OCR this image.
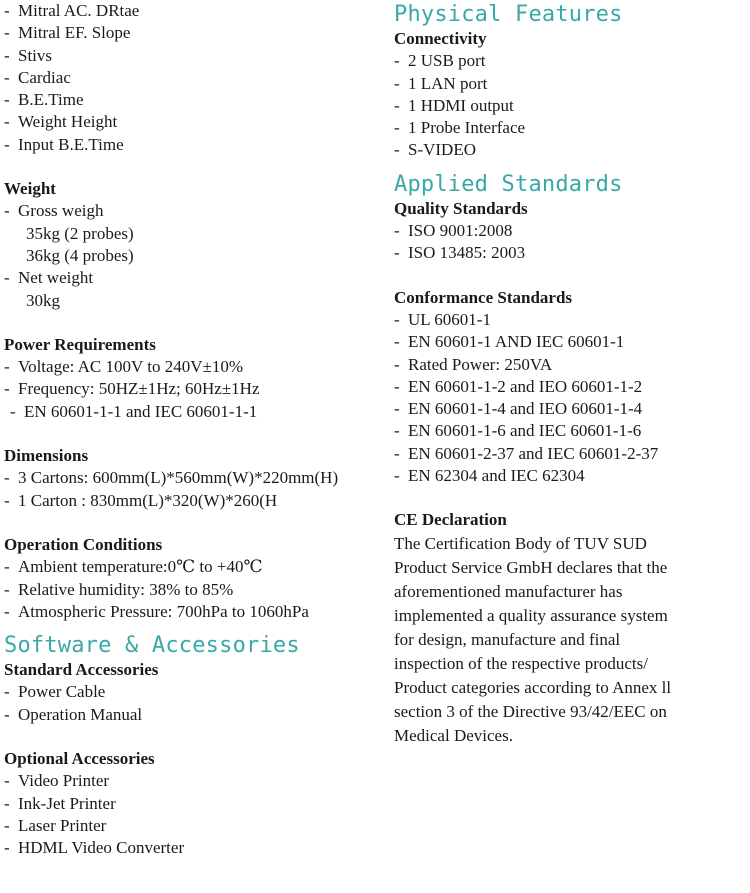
- Mitral AC. DRtae
- Mitral EF. Slope
- Stivs
- Cardiac
- B.E.Time
- Weight Height
- Input B.E.Time
Weight
- Gross weigh
35kg (2 probes)
36kg (4 probes)
- Net weight
30kg
Power Requirements
- Voltage: AC 100V to 240V±10%
- Frequency: 50HZ±1Hz; 60Hz±1Hz
- EN 60601-1-1 and IEC 60601-1-1
Dimensions
- 3 Cartons: 600mm(L)*560mm(W)*220mm(H)
- 1 Carton : 830mm(L)*320(W)*260(H
Operation Conditions
- Ambient temperature:0℃ to +40℃
- Relative humidity: 38% to 85%
- Atmospheric Pressure: 700hPa to 1060hPa
Software & Accessories
Standard Accessories
- Power Cable
- Operation Manual
Optional Accessories
- Video Printer
- Ink-Jet Printer
- Laser Printer
- HDML Video Converter
Physical Features
Connectivity
- 2 USB port
- 1 LAN port
- 1 HDMI output
- 1 Probe Interface
- S-VIDEO
Applied Standards
Quality Standards
- ISO 9001:2008
- ISO 13485: 2003
Conformance Standards
- UL 60601-1
- EN 60601-1 AND IEC 60601-1
- Rated Power: 250VA
- EN 60601-1-2 and IEO 60601-1-2
- EN 60601-1-4 and IEO 60601-1-4
- EN 60601-1-6 and IEC 60601-1-6
- EN 60601-2-37 and IEC 60601-2-37
- EN 62304 and IEC 62304
CE Declaration
The Certification Body of TUV SUD
Product Service GmbH declares that the
aforementioned manufacturer has
implemented a quality assurance system
for design, manufacture and final
inspection of the respective products/
Product categories according to Annex ll
section 3 of the Directive 93/42/EEC on
Medical Devices.
